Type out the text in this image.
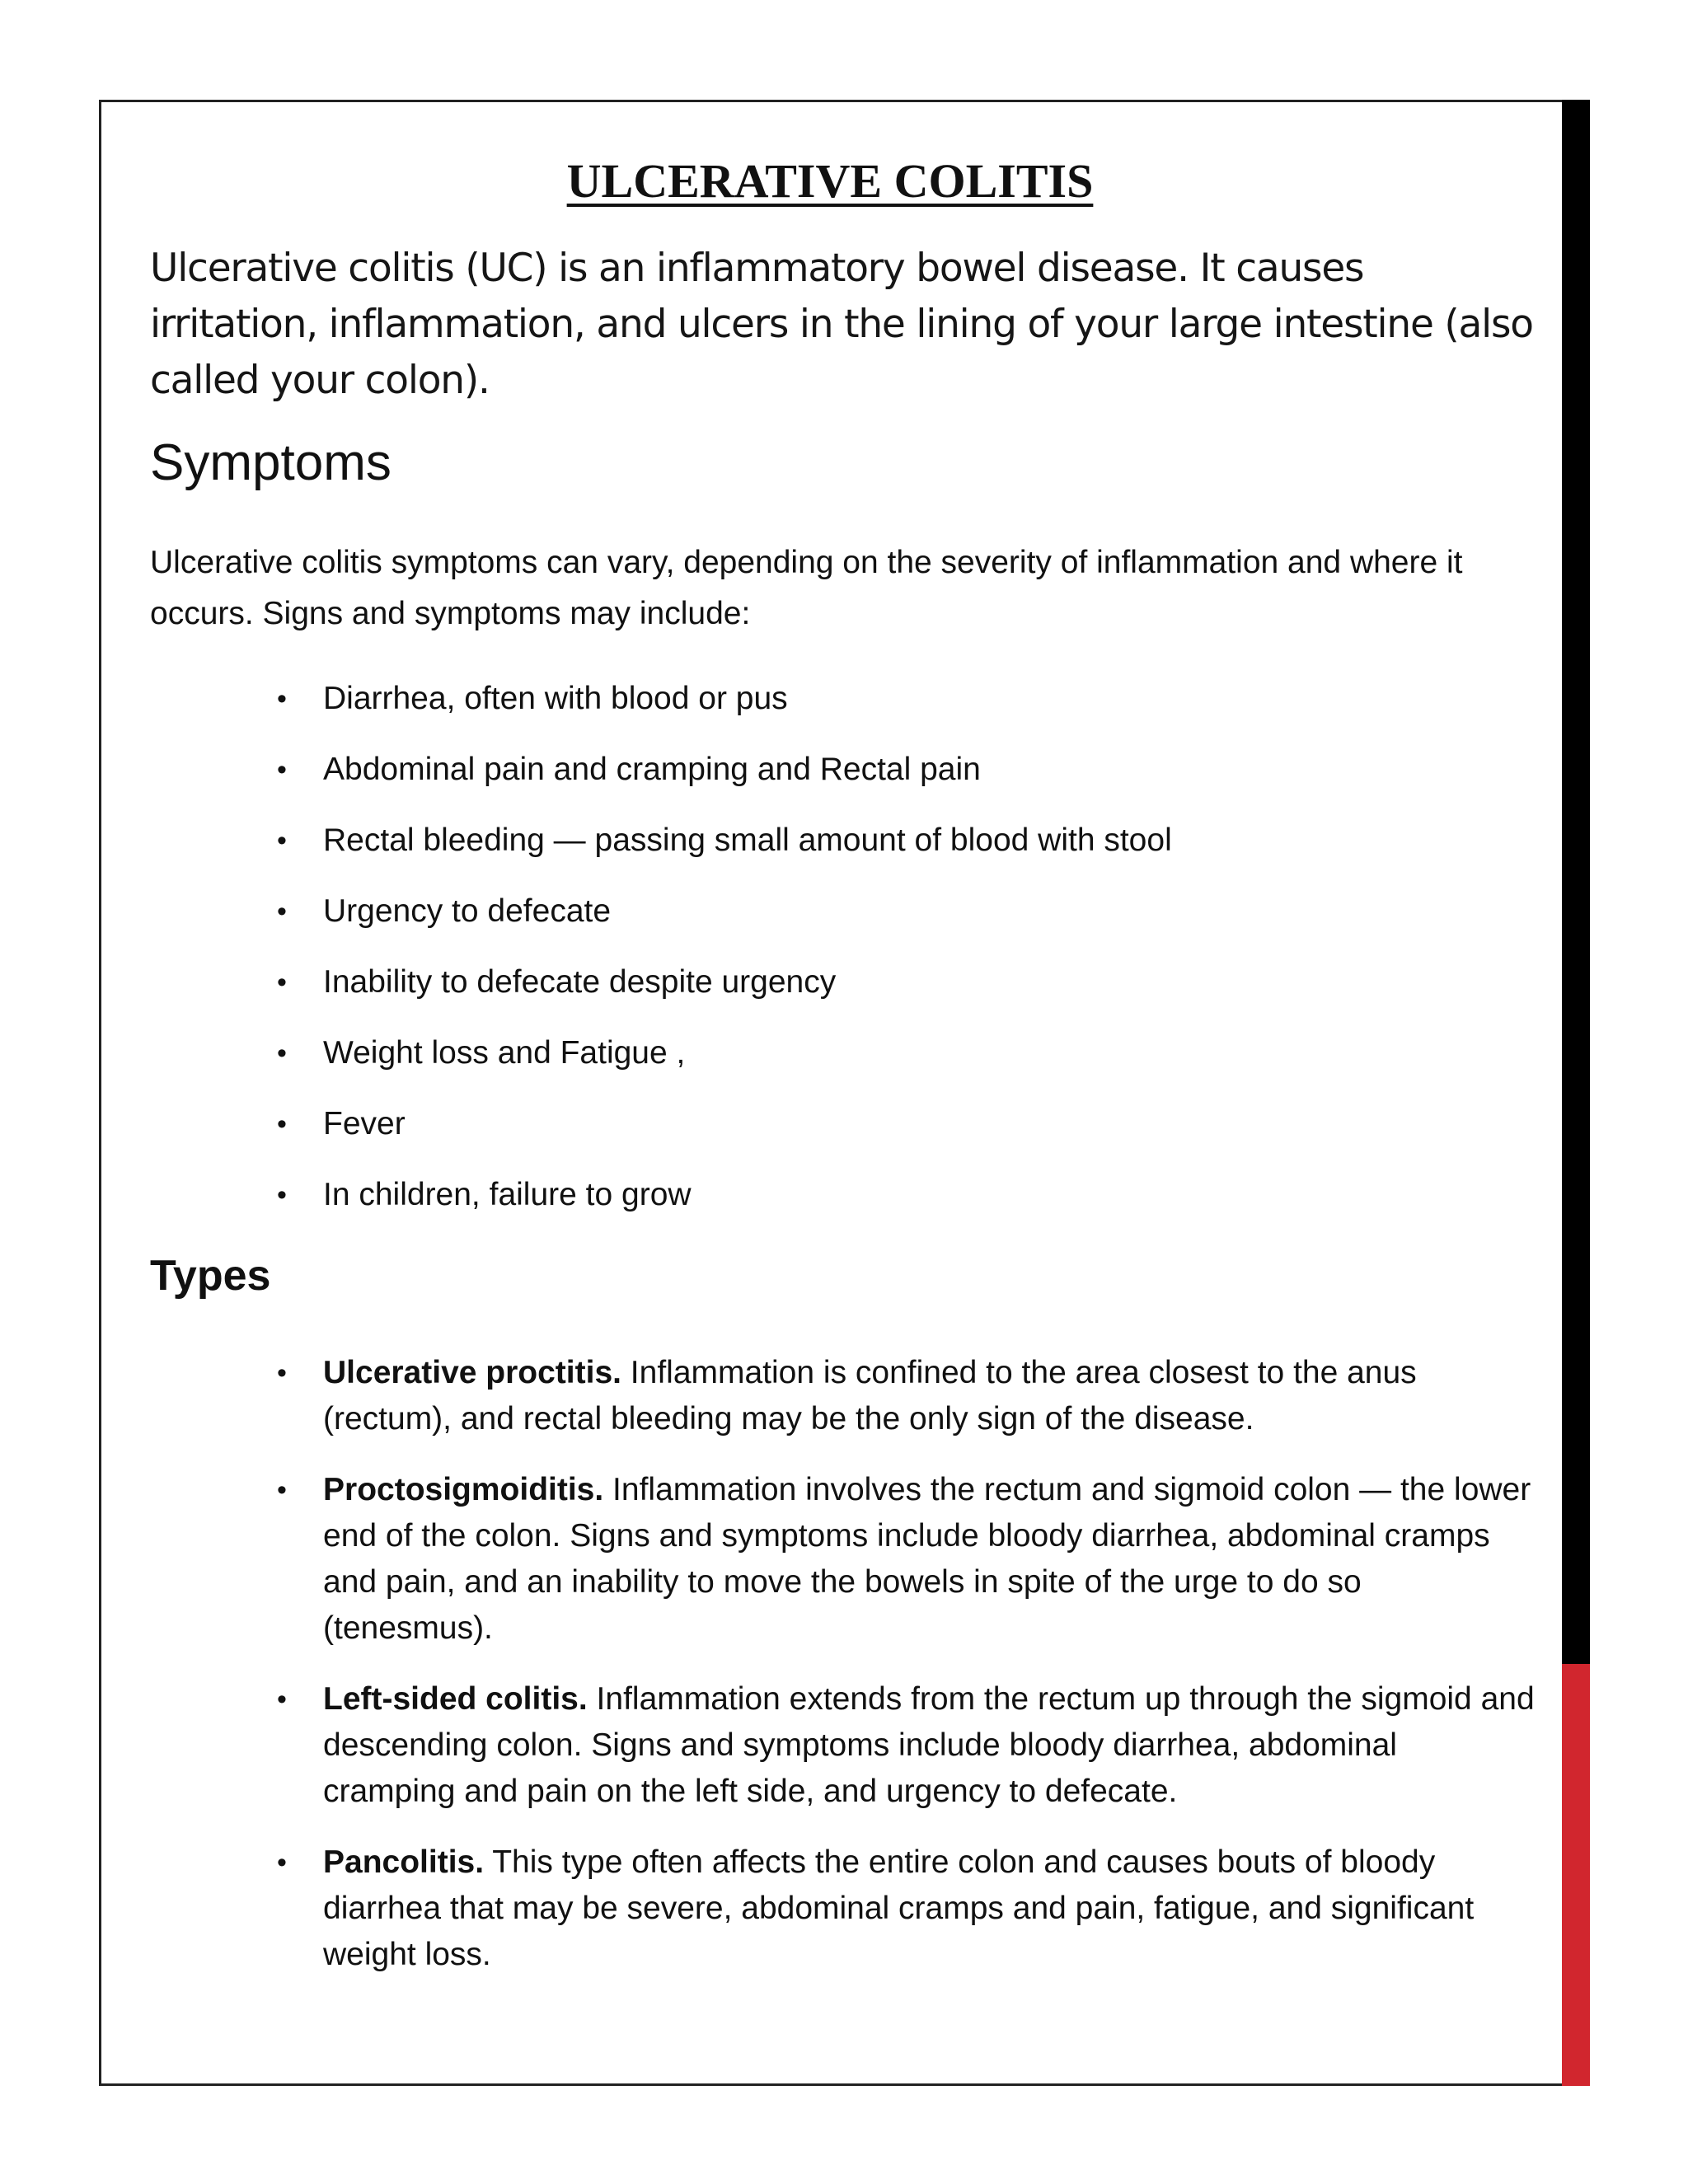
ULCERATIVE COLITIS

Ulcerative colitis (UC) is an inflammatory bowel disease. It causes irritation, inflammation, and ulcers in the lining of your large intestine (also called your colon).

Symptoms

Ulcerative colitis symptoms can vary, depending on the severity of inflammation and where it occurs. Signs and symptoms may include:

• Diarrhea, often with blood or pus
• Abdominal pain and cramping and Rectal pain
• Rectal bleeding — passing small amount of blood with stool
• Urgency to defecate
• Inability to defecate despite urgency
• Weight loss and Fatigue ,
• Fever
• In children, failure to grow
Types
• Ulcerative proctitis. Inflammation is confined to the area closest to the anus (rectum), and rectal bleeding may be the only sign of the disease.
• Proctosigmoiditis. Inflammation involves the rectum and sigmoid colon — the lower end of the colon. Signs and symptoms include bloody diarrhea, abdominal cramps and pain, and an inability to move the bowels in spite of the urge to do so (tenesmus).
• Left-sided colitis. Inflammation extends from the rectum up through the sigmoid and descending colon. Signs and symptoms include bloody diarrhea, abdominal cramping and pain on the left side, and urgency to defecate.
• Pancolitis. This type often affects the entire colon and causes bouts of bloody diarrhea that may be severe, abdominal cramps and pain, fatigue, and significant weight loss.
